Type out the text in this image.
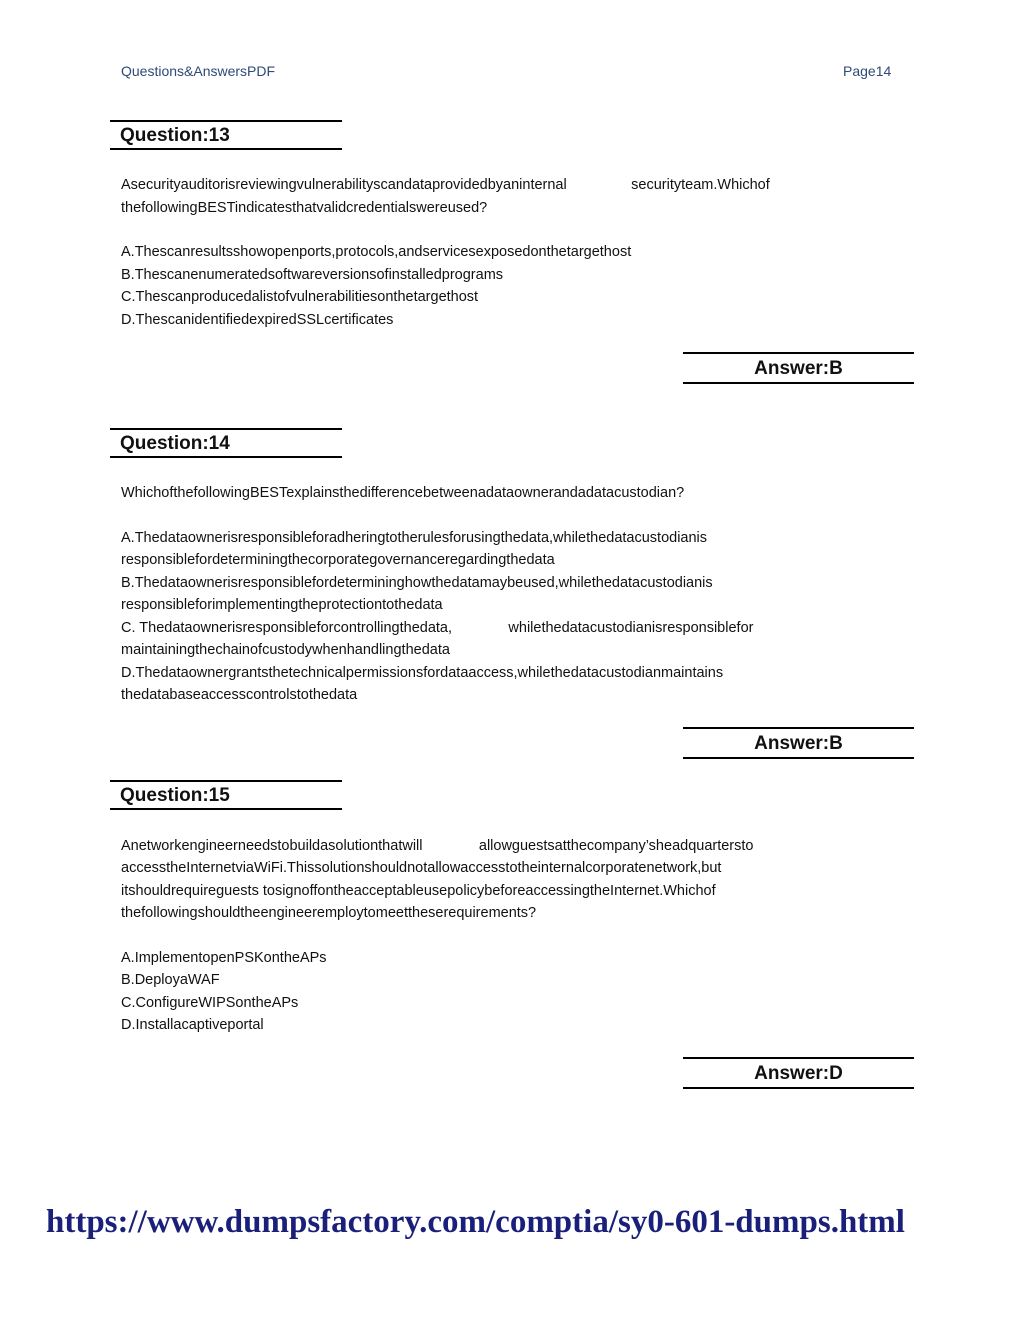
Questions&AnswersPDF	Page14
Question:13
Asecurityauditorisreviewingvulnerabilityscandataprovidedbyaninternal                securityteam.Whichof
thefollowingBESTindicatesthatvalidcredentialswereused?
A.Thescanresultsshowopenports,protocols,andservicesexposedonthetargethost
B.Thescanenumeratedsoftwareversionsofinstalledprograms
C.Thescanproducedalistofvulnerabilitiesonthetargethost
D.ThescanidentifiedexpiredSSLcertificates
Answer:B
Question:14
WhichofthefollowingBESTexplainsthedifferencebetweenadataownerandadatacustodian?
A.Thedataownerisresponsibleforadheringtotherulesforusingthedata,whilethedatacustodianis
responsiblefordeterminingthecorporategovernanceregardingthedata
B.Thedataownerisresponsiblefordetermininghowthedatamaybeused,whilethedatacustodianis
responsibleforimplementingtheprotectiontothedata
C. Thedataownerisresponsibleforcontrollingthedata,              whilethedatacustodianisresponsiblefor
maintainingthechainofcustodywhenhandlingthedata
D.Thedataownergrantsthetechnicalpermissionsfordataaccess,whilethedatacustodianmaintains
thedatabaseaccesscontrolstothedata
Answer:B
Question:15
Anetworkengineerneedstobuildasolutionthatwill              allowguestsatthecompany’sheadquarterstо
accesstheInternetviaWiFi.Thissolutionshouldnotallowaccesstotheinternalcorporatenetwork,but
itshouldrequireguests tosignoffontheacceptableusepolicybeforeaccessingtheInternet.Whichof
thefollowingshouldtheengineeremploytomeettheserequirements?
A.ImplementopenPSKontheAPs
B.DeployaWAF
C.ConfigureWIPSontheAPs
D.Installacaptiveportal
Answer:D
https://www.dumpsfactory.com/comptia/sy0-601-dumps.html
